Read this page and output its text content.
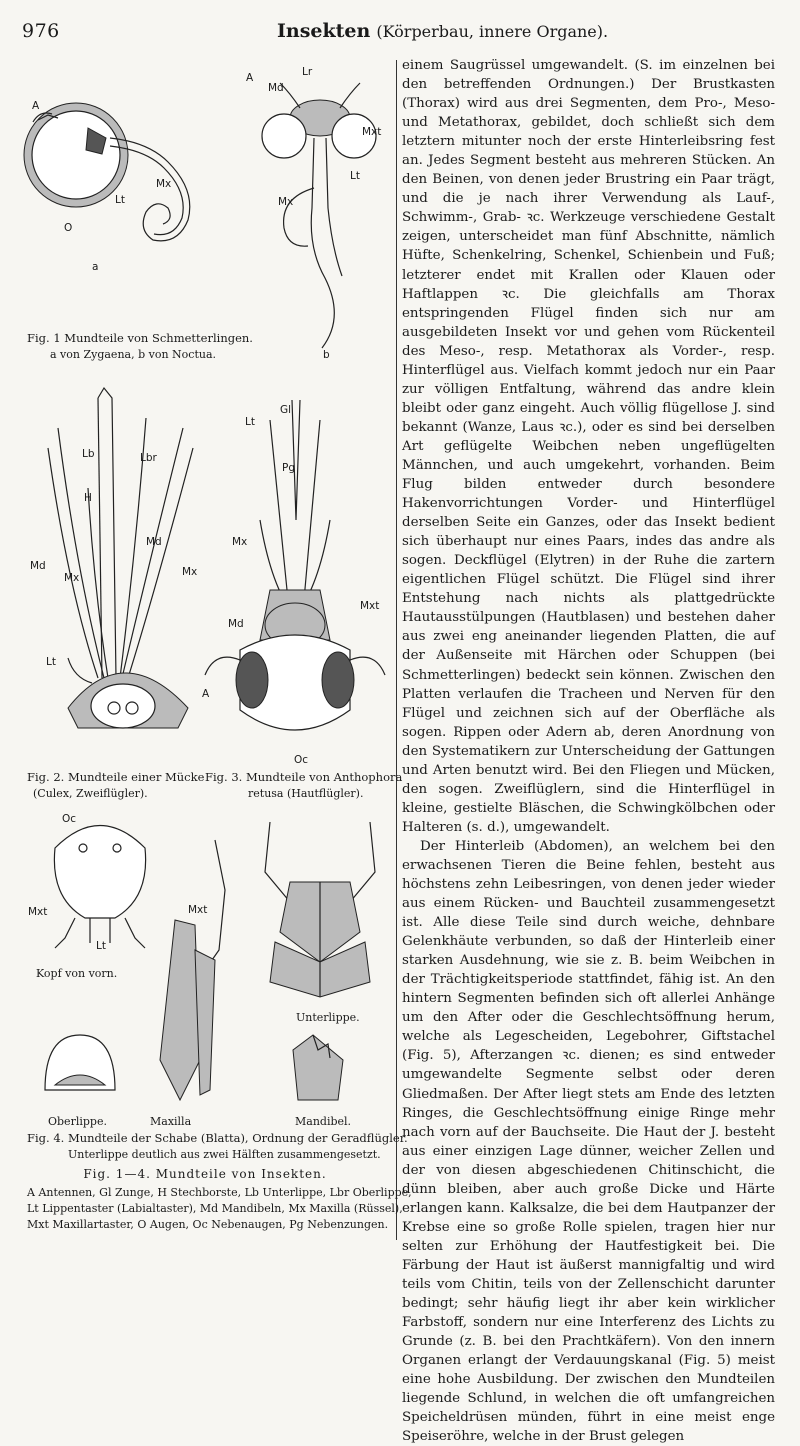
976	Insekten (Körperbau, innere Organe).
A
Lt
Mx
O
a
A
Md
Lr
Mxt
Lt
Mx
b
Fig. 1 Mundteile von Schmetterlingen.
a von Zygaena, b von Noctua.
Lb	Lbr
H
Md
Md
Mx	Mx
Lt
Fig. 2. Mundteile einer Mücke
(Culex, Zweiflügler).
Gl
Lt
Pg
Mx
Mxt
Md
A
Oc
Fig. 3. Mundteile von Anthophora
retusa (Hautflügler).
Oc
Mxt
Lt
Kopf von vorn.
Mxt
Maxilla
Unterlippe.
Oberlippe.	Mandibel.
Fig. 4. Mundteile der Schabe (Blatta), Ordnung der Geradflügler.
Unterlippe deutlich aus zwei Hälften zusammengesetzt.
Fig. 1—4. Mundteile von Insekten.
A Antennen, Gl Zunge, H Stechborste, Lb Unterlippe, Lbr Oberlippe,
Lt Lippentaster (Labialtaster), Md Mandibeln, Mx Maxilla (Rüssel),
Mxt Maxillartaster, O Augen, Oc Nebenaugen, Pg Nebenzungen.

einem Saugrüssel umgewandelt. (S. im einzelnen bei den betreffenden Ordnungen.) Der Brustkasten (Thorax) wird aus drei Segmenten, dem Pro-, Meso- und Metathorax, gebildet, doch schließt sich dem letztern mitunter noch der erste Hinterleibsring fest an. Jedes Segment besteht aus mehreren Stücken. An den Beinen, von denen jeder Brustring ein Paar trägt, und die je nach ihrer Verwendung als Lauf-, Schwimm-, Grab- ꝛc. Werkzeuge verschiedene Gestalt zeigen, unterscheidet man fünf Abschnitte, nämlich Hüfte, Schenkelring, Schenkel, Schienbein und Fuß; letzterer endet mit Krallen oder Klauen oder Haftlappen ꝛc. Die gleichfalls am Thorax entspringenden Flügel finden sich nur am ausgebildeten Insekt vor und gehen vom Rückenteil des Meso-, resp. Metathorax als Vorder-, resp. Hinterflügel aus. Vielfach kommt jedoch nur ein Paar zur völligen Entfaltung, während das andre klein bleibt oder ganz eingeht. Auch völlig flügellose J. sind bekannt (Wanze, Laus ꝛc.), oder es sind bei derselben Art geflügelte Weibchen neben ungeflügelten Männchen, und auch umgekehrt, vorhanden. Beim Flug bilden entweder durch besondere Hakenvorrichtungen Vorder- und Hinterflügel derselben Seite ein Ganzes, oder das Insekt bedient sich überhaupt nur eines Paars, indes das andre als sogen. Deckflügel (Elytren) in der Ruhe die zartern eigentlichen Flügel schützt. Die Flügel sind ihrer Entstehung nach nichts als plattgedrückte Hautausstülpungen (Hautblasen) und bestehen daher aus zwei eng aneinander liegenden Platten, die auf der Außenseite mit Härchen oder Schuppen (bei Schmetterlingen) bedeckt sein können. Zwischen den Platten verlaufen die Tracheen und Nerven für den Flügel und zeichnen sich auf der Oberfläche als sogen. Rippen oder Adern ab, deren Anordnung von den Systematikern zur Unterscheidung der Gattungen und Arten benutzt wird. Bei den Fliegen und Mücken, den sogen. Zweiflüglern, sind die Hinterflügel in kleine, gestielte Bläschen, die Schwingkölbchen oder Halteren (s. d.), umgewandelt.

Der Hinterleib (Abdomen), an welchem bei den erwachsenen Tieren die Beine fehlen, besteht aus höchstens zehn Leibesringen, von denen jeder wieder aus einem Rücken- und Bauchteil zusammengesetzt ist. Alle diese Teile sind durch weiche, dehnbare Gelenkhäute verbunden, so daß der Hinterleib einer starken Ausdehnung, wie sie z. B. beim Weibchen in der Trächtigkeitsperiode stattfindet, fähig ist. An den hintern Segmenten befinden sich oft allerlei Anhänge um den After oder die Geschlechtsöffnung herum, welche als Legescheiden, Legebohrer, Giftstachel (Fig. 5), Afterzangen ꝛc. dienen; es sind entweder umgewandelte Segmente selbst oder deren Gliedmaßen. Der After liegt stets am Ende des letzten Ringes, die Geschlechtsöffnung einige Ringe mehr nach vorn auf der Bauchseite. Die Haut der J. besteht aus einer einzigen Lage dünner, weicher Zellen und der von diesen abgeschiedenen Chitinschicht, die dünn bleiben, aber auch große Dicke und Härte erlangen kann. Kalksalze, die bei dem Hautpanzer der Krebse eine so große Rolle spielen, tragen hier nur selten zur Erhöhung der Hautfestigkeit bei. Die Färbung der Haut ist äußerst mannigfaltig und wird teils vom Chitin, teils von der Zellenschicht darunter bedingt; sehr häufig liegt ihr aber kein wirklicher Farbstoff, sondern nur eine Interferenz des Lichts zu Grunde (z. B. bei den Prachtkäfern). Von den innern Organen erlangt der Verdauungskanal (Fig. 5) meist eine hohe Ausbildung. Der zwischen den Mundteilen liegende Schlund, in welchen die oft umfangreichen Speicheldrüsen münden, führt in eine meist enge Speiseröhre, welche in der Brust gelegen
